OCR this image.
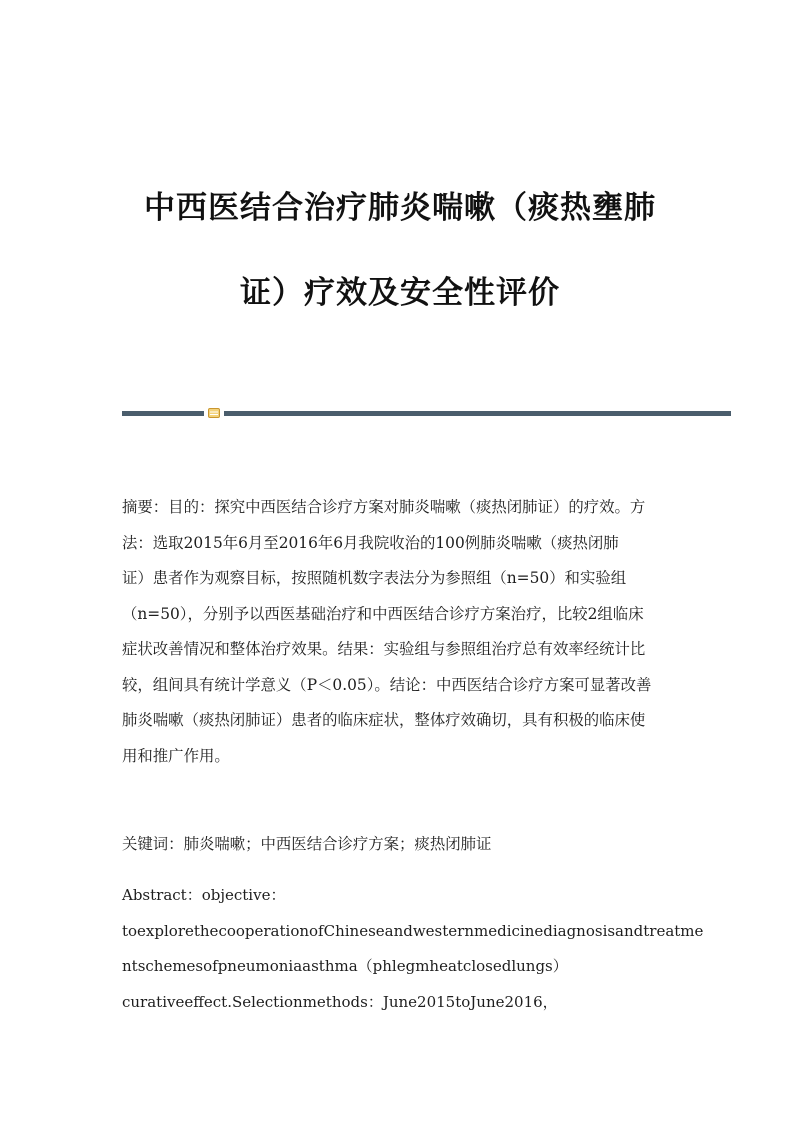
中西医结合治疗肺炎喘嗽（痰热壅肺
证）疗效及安全性评价
摘要：目的：探究中西医结合诊疗方案对肺炎喘嗽（痰热闭肺证）的疗效。方
法：选取2015年6月至2016年6月我院收治的100例肺炎喘嗽（痰热闭肺
证）患者作为观察目标，按照随机数字表法分为参照组（n=50）和实验组
（n=50），分别予以西医基础治疗和中西医结合诊疗方案治疗，比较2组临床
症状改善情况和整体治疗效果。结果：实验组与参照组治疗总有效率经统计比
较，组间具有统计学意义（P＜0.05）。结论：中西医结合诊疗方案可显著改善
肺炎喘嗽（痰热闭肺证）患者的临床症状，整体疗效确切，具有积极的临床使
用和推广作用。
关键词：肺炎喘嗽；中西医结合诊疗方案；痰热闭肺证
Abstract：objective：
toexplorethecooperationofChineseandwesternmedicinediagnosisandtreatme
ntschemesofpneumoniaasthma（phlegmheatclosedlungs）
curativeeffect.Selectionmethods：June2015toJune2016，
